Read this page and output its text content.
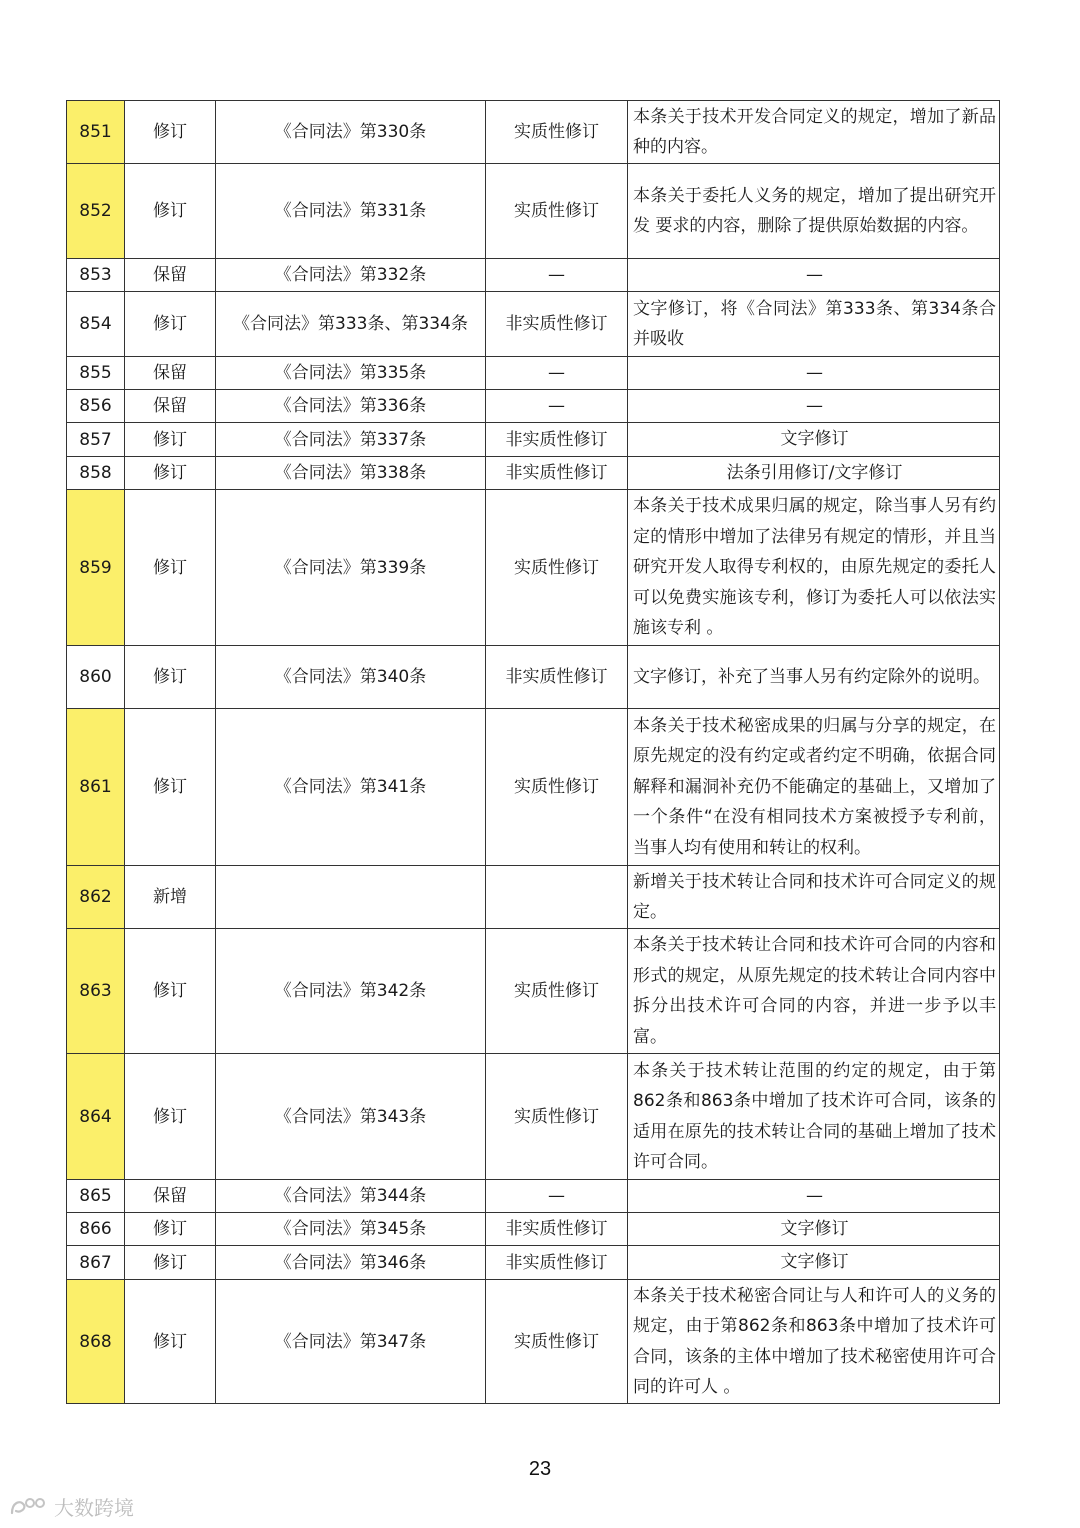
851	修订	《合同法》第330条	实质性修订	本条关于技术开发合同定义的规定，增加了新品种的内容。
852	修订	《合同法》第331条	实质性修订	本条关于委托人义务的规定，增加了提出研究开发 要求的内容，删除了提供原始数据的内容。
853	保留	《合同法》第332条	—	—
854	修订	《合同法》第333条、第334条	非实质性修订	文字修订，将《合同法》第333条、第334条合并吸收
855	保留	《合同法》第335条	—	—
856	保留	《合同法》第336条	—	—
857	修订	《合同法》第337条	非实质性修订	文字修订
858	修订	《合同法》第338条	非实质性修订	法条引用修订/文字修订
859	修订	《合同法》第339条	实质性修订	本条关于技术成果归属的规定，除当事人另有约定的情形中增加了法律另有规定的情形，并且当研究开发人取得专利权的，由原先规定的委托人可以免费实施该专利，修订为委托人可以依法实施该专利 。
860	修订	《合同法》第340条	非实质性修订	文字修订，补充了当事人另有约定除外的说明。
861	修订	《合同法》第341条	实质性修订	本条关于技术秘密成果的归属与分享的规定，在原先规定的没有约定或者约定不明确，依据合同解释和漏洞补充仍不能确定的基础上，又增加了一个条件“在没有相同技术方案被授予专利前，当事人均有使用和转让的权利。
862	新增			新增关于技术转让合同和技术许可合同定义的规定。
863	修订	《合同法》第342条	实质性修订	本条关于技术转让合同和技术许可合同的内容和形式的规定，从原先规定的技术转让合同内容中拆分出技术许可合同的内容，并进一步予以丰富。
864	修订	《合同法》第343条	实质性修订	本条关于技术转让范围的约定的规定，由于第862条和863条中增加了技术许可合同，该条的适用在原先的技术转让合同的基础上增加了技术许可合同。
865	保留	《合同法》第344条	—	—
866	修订	《合同法》第345条	非实质性修订	文字修订
867	修订	《合同法》第346条	非实质性修订	文字修订
868	修订	《合同法》第347条	实质性修订	本条关于技术秘密合同让与人和许可人的义务的规定，由于第862条和863条中增加了技术许可合同，该条的主体中增加了技术秘密使用许可合同的许可人 。
23
大数跨境
